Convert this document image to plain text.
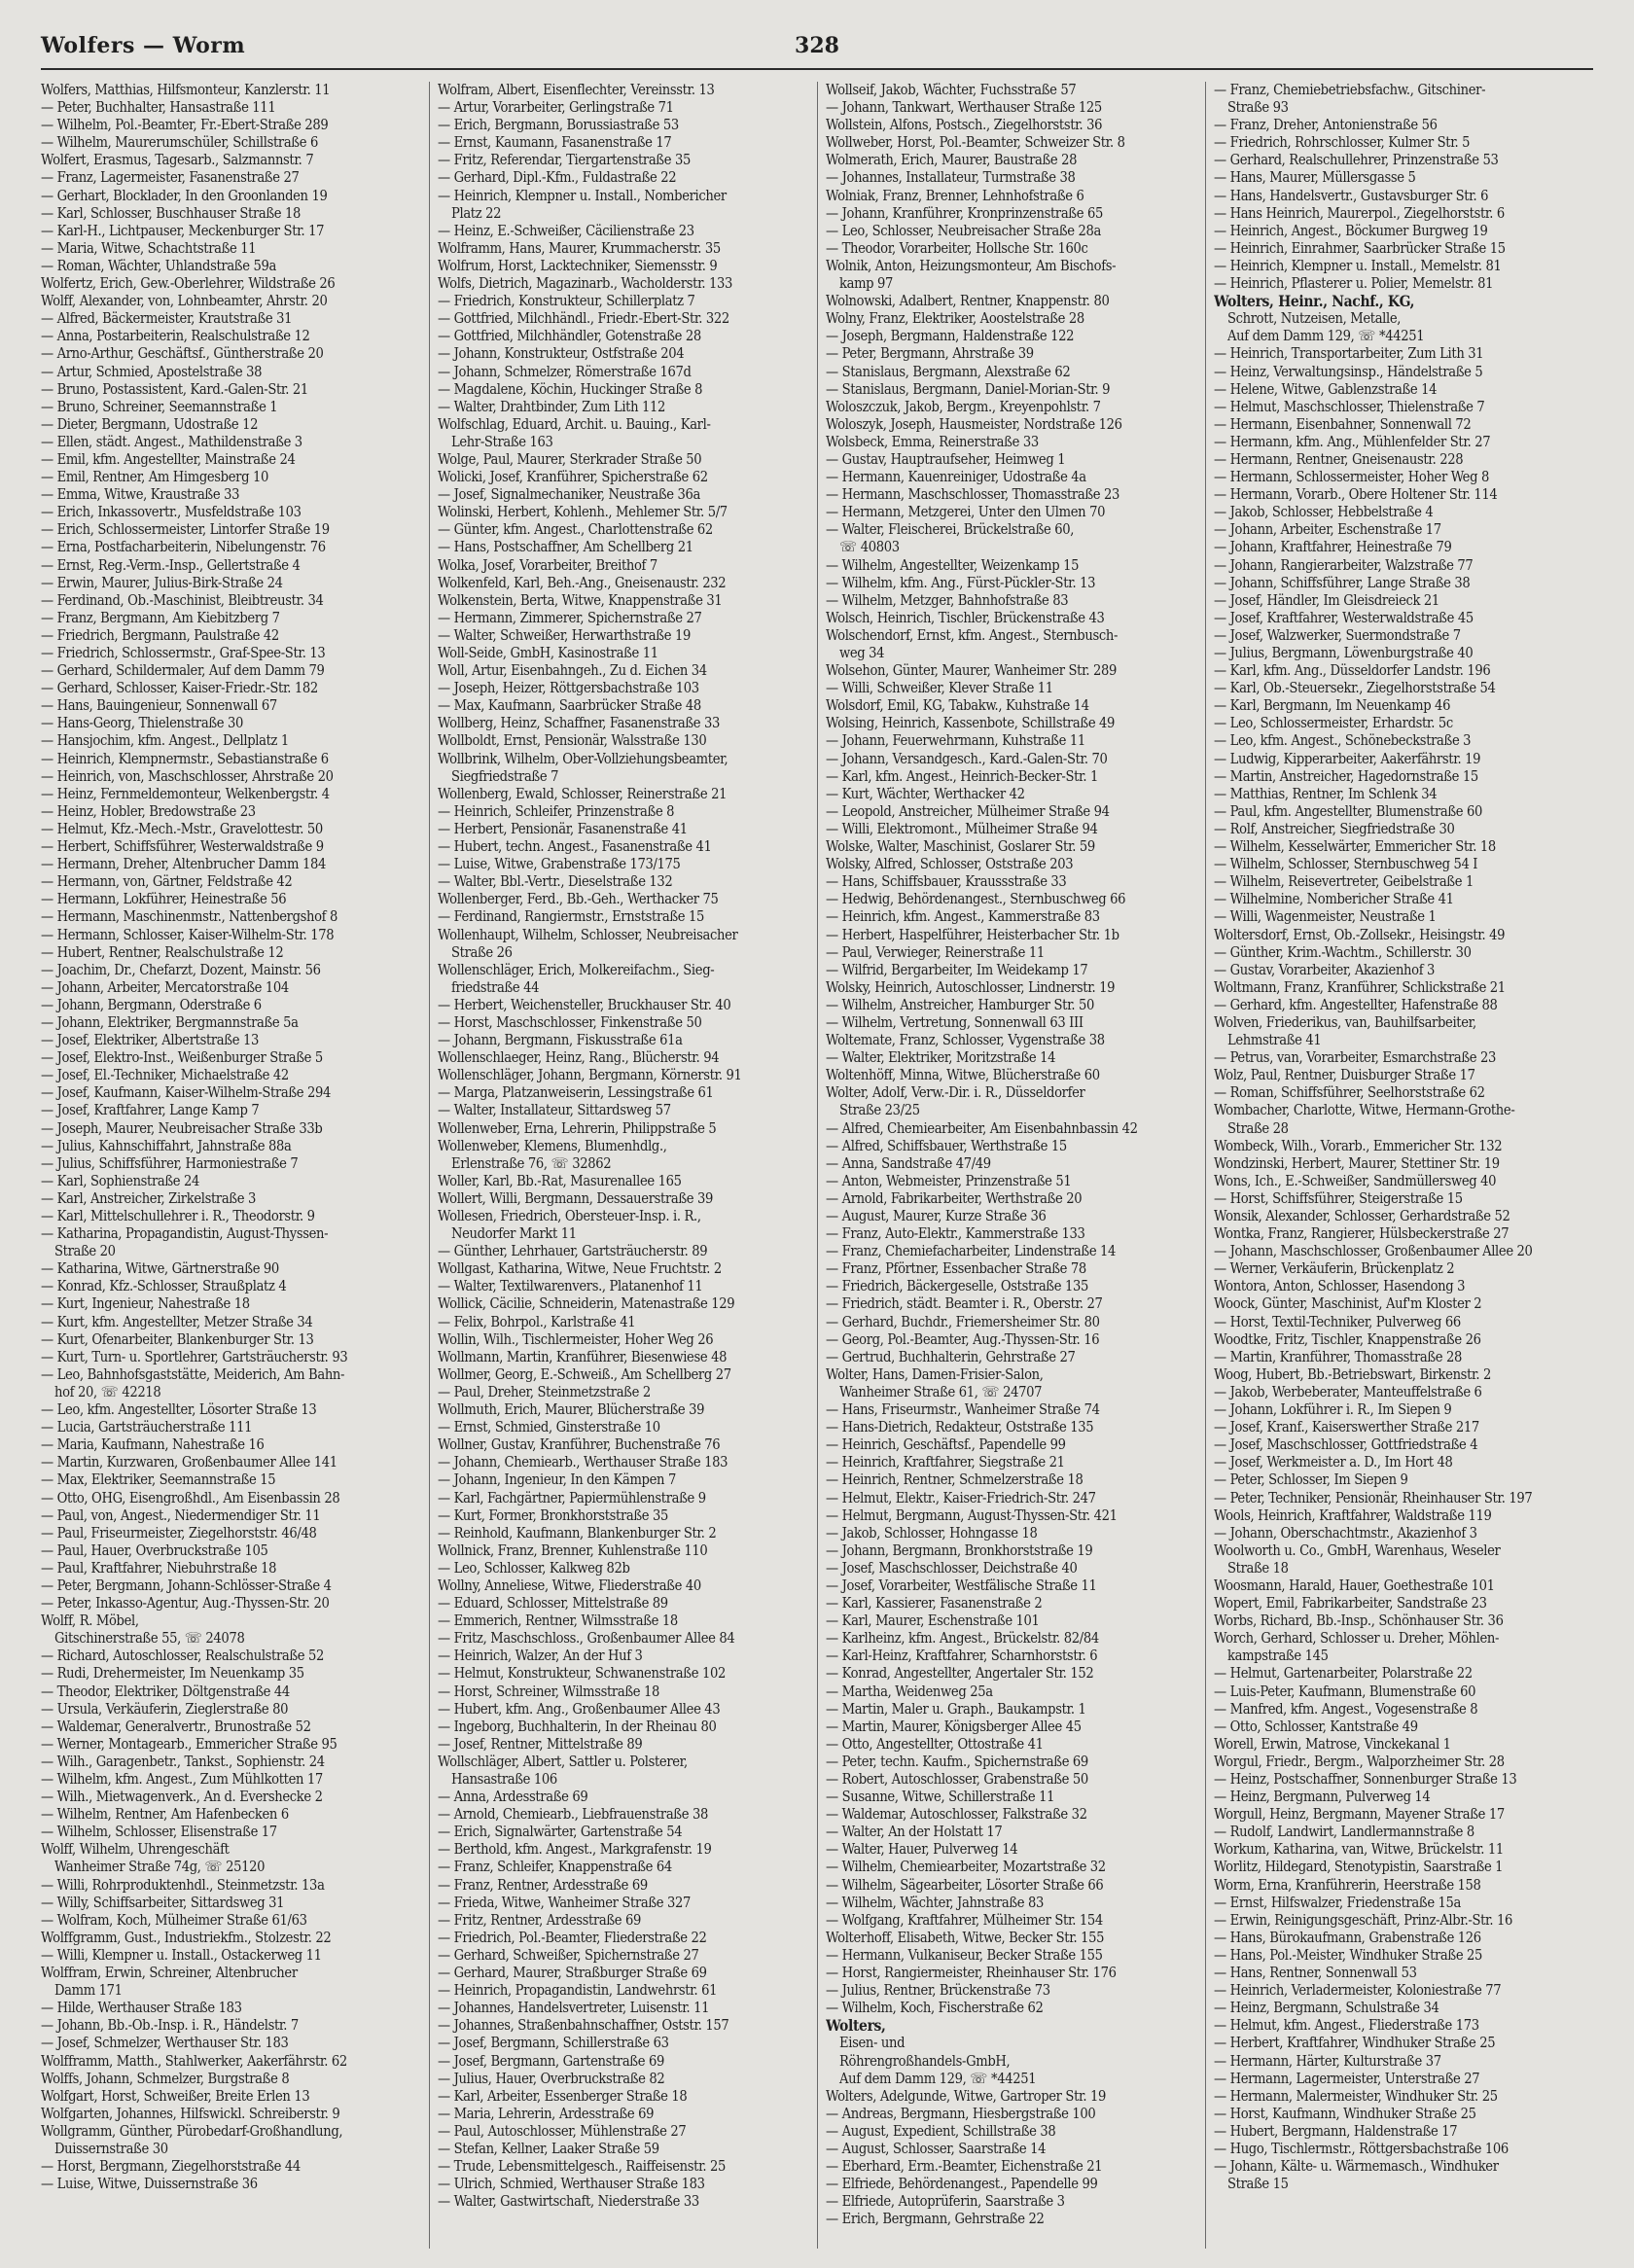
Wolfers — Worm	328
Wolfers, Matthias, Hilfsmonteur, Kanzlerstr. 11
— Peter, Buchhalter, Hansastraße 111
— Wilhelm, Pol.-Beamter, Fr.-Ebert-Straße 289
— Wilhelm, Maurerumschüler, Schillstraße 6
Wolfert, Erasmus, Tagesarb., Salzmannstr. 7
— Franz, Lagermeister, Fasanenstraße 27
— Gerhart, Blocklader, In den Groonlanden 19
— Karl, Schlosser, Buschhauser Straße 18
— Karl-H., Lichtpauser, Meckenburger Str. 17
— Maria, Witwe, Schachtstraße 11
— Roman, Wächter, Uhlandstraße 59a
Wolfertz, Erich, Gew.-Oberlehrer, Wildstraße 26
Wolff, Alexander, von, Lohnbeamter, Ahrstr. 20
— Alfred, Bäckermeister, Krautstraße 31
— Anna, Postarbeiterin, Realschulstraße 12
— Arno-Arthur, Geschäftsf., Güntherstraße 20
— Artur, Schmied, Apostelstraße 38
— Bruno, Postassistent, Kard.-Galen-Str. 21
— Bruno, Schreiner, Seemannstraße 1
— Dieter, Bergmann, Udostraße 12
— Ellen, städt. Angest., Mathildenstraße 3
— Emil, kfm. Angestellter, Mainstraße 24
— Emil, Rentner, Am Himgesberg 10
— Emma, Witwe, Kraustraße 33
— Erich, Inkassovertr., Musfeldstraße 103
— Erich, Schlossermeister, Lintorfer Straße 19
— Erna, Postfacharbeiterin, Nibelungenstr. 76
— Ernst, Reg.-Verm.-Insp., Gellertstraße 4
— Erwin, Maurer, Julius-Birk-Straße 24
— Ferdinand, Ob.-Maschinist, Bleibtreustr. 34
— Franz, Bergmann, Am Kiebitzberg 7
— Friedrich, Bergmann, Paulstraße 42
— Friedrich, Schlossermstr., Graf-Spee-Str. 13
— Gerhard, Schildermaler, Auf dem Damm 79
— Gerhard, Schlosser, Kaiser-Friedr.-Str. 182
— Hans, Bauingenieur, Sonnenwall 67
— Hans-Georg, Thielenstraße 30
— Hansjochim, kfm. Angest., Dellplatz 1
— Heinrich, Klempnermstr., Sebastianstraße 6
— Heinrich, von, Maschschlosser, Ahrstraße 20
— Heinz, Fernmeldemonteur, Welkenbergstr. 4
— Heinz, Hobler, Bredowstraße 23
— Helmut, Kfz.-Mech.-Mstr., Gravelottestr. 50
— Herbert, Schiffsführer, Westerwaldstraße 9
— Hermann, Dreher, Altenbrucher Damm 184
— Hermann, von, Gärtner, Feldstraße 42
— Hermann, Lokführer, Heinestraße 56
— Hermann, Maschinenmstr., Nattenbergshof 8
— Hermann, Schlosser, Kaiser-Wilhelm-Str. 178
— Hubert, Rentner, Realschulstraße 12
— Joachim, Dr., Chefarzt, Dozent, Mainstr. 56
— Johann, Arbeiter, Mercatorstraße 104
— Johann, Bergmann, Oderstraße 6
— Johann, Elektriker, Bergmannstraße 5a
— Josef, Elektriker, Albertstraße 13
— Josef, Elektro-Inst., Weißenburger Straße 5
— Josef, El.-Techniker, Michaelstraße 42
— Josef, Kaufmann, Kaiser-Wilhelm-Straße 294
— Josef, Kraftfahrer, Lange Kamp 7
— Joseph, Maurer, Neubreisacher Straße 33b
— Julius, Kahnschiffahrt, Jahnstraße 88a
— Julius, Schiffsführer, Harmoniestraße 7
— Karl, Sophienstraße 24
— Karl, Anstreicher, Zirkelstraße 3
— Karl, Mittelschullehrer i. R., Theodorstr. 9
— Katharina, Propagandistin, August-Thyssen-
Straße 20
— Katharina, Witwe, Gärtnerstraße 90
— Konrad, Kfz.-Schlosser, Straußplatz 4
— Kurt, Ingenieur, Nahestraße 18
— Kurt, kfm. Angestellter, Metzer Straße 34
— Kurt, Ofenarbeiter, Blankenburger Str. 13
— Kurt, Turn- u. Sportlehrer, Gartsträucherstr. 93
— Leo, Bahnhofsgaststätte, Meiderich, Am Bahn-
hof 20, ☏ 42218
— Leo, kfm. Angestellter, Lösorter Straße 13
— Lucia, Gartsträucherstraße 111
— Maria, Kaufmann, Nahestraße 16
— Martin, Kurzwaren, Großenbaumer Allee 141
— Max, Elektriker, Seemannstraße 15
— Otto, OHG, Eisengroßhdl., Am Eisenbassin 28
— Paul, von, Angest., Niedermendiger Str. 11
— Paul, Friseurmeister, Ziegelhorststr. 46/48
— Paul, Hauer, Overbruckstraße 105
— Paul, Kraftfahrer, Niebuhrstraße 18
— Peter, Bergmann, Johann-Schlösser-Straße 4
— Peter, Inkasso-Agentur, Aug.-Thyssen-Str. 20
Wolff, R. Möbel,
Gitschinerstraße 55, ☏ 24078
— Richard, Autoschlosser, Realschulstraße 52
— Rudi, Drehermeister, Im Neuenkamp 35
— Theodor, Elektriker, Döltgenstraße 44
— Ursula, Verkäuferin, Zieglerstraße 80
— Waldemar, Generalvertr., Brunostraße 52
— Werner, Montagearb., Emmericher Straße 95
— Wilh., Garagenbetr., Tankst., Sophienstr. 24
— Wilhelm, kfm. Angest., Zum Mühlkotten 17
— Wilh., Mietwagenverk., An d. Evershecke 2
— Wilhelm, Rentner, Am Hafenbecken 6
— Wilhelm, Schlosser, Elisenstraße 17
Wolff, Wilhelm, Uhrengeschäft
Wanheimer Straße 74g, ☏ 25120
— Willi, Rohrproduktenhdl., Steinmetzstr. 13a
— Willy, Schiffsarbeiter, Sittardsweg 31
— Wolfram, Koch, Mülheimer Straße 61/63
Wolffgramm, Gust., Industriekfm., Stolzestr. 22
— Willi, Klempner u. Install., Ostackerweg 11
Wolffram, Erwin, Schreiner, Altenbrucher
Damm 171
— Hilde, Werthauser Straße 183
— Johann, Bb.-Ob.-Insp. i. R., Händelstr. 7
— Josef, Schmelzer, Werthauser Str. 183
Wolfframm, Matth., Stahlwerker, Aakerfährstr. 62
Wolffs, Johann, Schmelzer, Burgstraße 8
Wolfgart, Horst, Schweißer, Breite Erlen 13
Wolfgarten, Johannes, Hilfswickl. Schreiberstr. 9
Wollgramm, Günther, Pürobedarf-Großhandlung,
Duissernstraße 30
— Horst, Bergmann, Ziegelhorststraße 44
— Luise, Witwe, Duissernstraße 36
Wolfram, Albert, Eisenflechter, Vereinsstr. 13
— Artur, Vorarbeiter, Gerlingstraße 71
— Erich, Bergmann, Borussiastraße 53
— Ernst, Kaumann, Fasanenstraße 17
— Fritz, Referendar, Tiergartenstraße 35
— Gerhard, Dipl.-Kfm., Fuldastraße 22
— Heinrich, Klempner u. Install., Nombericher
Platz 22
— Heinz, E.-Schweißer, Cäcilienstraße 23
Wolframm, Hans, Maurer, Krummacherstr. 35
Wolfrum, Horst, Lacktechniker, Siemensstr. 9
Wolfs, Dietrich, Magazinarb., Wacholderstr. 133
— Friedrich, Konstrukteur, Schillerplatz 7
— Gottfried, Milchhändl., Friedr.-Ebert-Str. 322
— Gottfried, Milchhändler, Gotenstraße 28
— Johann, Konstrukteur, Ostfstraße 204
— Johann, Schmelzer, Römerstraße 167d
— Magdalene, Köchin, Huckinger Straße 8
— Walter, Drahtbinder, Zum Lith 112
Wolfschlag, Eduard, Archit. u. Bauing., Karl-
Lehr-Straße 163
Wolge, Paul, Maurer, Sterkrader Straße 50
Wolicki, Josef, Kranführer, Spicherstraße 62
— Josef, Signalmechaniker, Neustraße 36a
Wolinski, Herbert, Kohlenh., Mehlemer Str. 5/7
— Günter, kfm. Angest., Charlottenstraße 62
— Hans, Postschaffner, Am Schellberg 21
Wolka, Josef, Vorarbeiter, Breithof 7
Wolkenfeld, Karl, Beh.-Ang., Gneisenaustr. 232
Wolkenstein, Berta, Witwe, Knappenstraße 31
— Hermann, Zimmerer, Spichernstraße 27
— Walter, Schweißer, Herwarthstraße 19
Woll-Seide, GmbH, Kasinostraße 11
Woll, Artur, Eisenbahngeh., Zu d. Eichen 34
— Joseph, Heizer, Röttgersbachstraße 103
— Max, Kaufmann, Saarbrücker Straße 48
Wollberg, Heinz, Schaffner, Fasanenstraße 33
Wollboldt, Ernst, Pensionär, Walsstraße 130
Wollbrink, Wilhelm, Ober-Vollziehungsbeamter,
Siegfriedstraße 7
Wollenberg, Ewald, Schlosser, Reinerstraße 21
— Heinrich, Schleifer, Prinzenstraße 8
— Herbert, Pensionär, Fasanenstraße 41
— Hubert, techn. Angest., Fasanenstraße 41
— Luise, Witwe, Grabenstraße 173/175
— Walter, Bbl.-Vertr., Dieselstraße 132
Wollenberger, Ferd., Bb.-Geh., Werthacker 75
— Ferdinand, Rangiermstr., Ernststraße 15
Wollenhaupt, Wilhelm, Schlosser, Neubreisacher
Straße 26
Wollenschläger, Erich, Molkereifachm., Sieg-
friedstraße 44
— Herbert, Weichensteller, Bruckhauser Str. 40
— Horst, Maschschlosser, Finkenstraße 50
— Johann, Bergmann, Fiskusstraße 61a
Wollenschlaeger, Heinz, Rang., Blücherstr. 94
Wollenschläger, Johann, Bergmann, Körnerstr. 91
— Marga, Platzanweiserin, Lessingstraße 61
— Walter, Installateur, Sittardsweg 57
Wollenweber, Erna, Lehrerin, Philippstraße 5
Wollenweber, Klemens, Blumenhdlg.,
Erlenstraße 76, ☏ 32862
Woller, Karl, Bb.-Rat, Masurenallee 165
Wollert, Willi, Bergmann, Dessauerstraße 39
Wollesen, Friedrich, Obersteuer-Insp. i. R.,
Neudorfer Markt 11
— Günther, Lehrhauer, Gartsträucherstr. 89
Wollgast, Katharina, Witwe, Neue Fruchtstr. 2
— Walter, Textilwarenvers., Platanenhof 11
Wollick, Cäcilie, Schneiderin, Matenastraße 129
— Felix, Bohrpol., Karlstraße 41
Wollin, Wilh., Tischlermeister, Hoher Weg 26
Wollmann, Martin, Kranführer, Biesenwiese 48
Wollmer, Georg, E.-Schweiß., Am Schellberg 27
— Paul, Dreher, Steinmetzstraße 2
Wollmuth, Erich, Maurer, Blücherstraße 39
— Ernst, Schmied, Ginsterstraße 10
Wollner, Gustav, Kranführer, Buchenstraße 76
— Johann, Chemiearb., Werthauser Straße 183
— Johann, Ingenieur, In den Kämpen 7
— Karl, Fachgärtner, Papiermühlenstraße 9
— Kurt, Former, Bronkhorststraße 35
— Reinhold, Kaufmann, Blankenburger Str. 2
Wollnick, Franz, Brenner, Kuhlenstraße 110
— Leo, Schlosser, Kalkweg 82b
Wollny, Anneliese, Witwe, Fliederstraße 40
— Eduard, Schlosser, Mittelstraße 89
— Emmerich, Rentner, Wilmsstraße 18
— Fritz, Maschschloss., Großenbaumer Allee 84
— Heinrich, Walzer, An der Huf 3
— Helmut, Konstrukteur, Schwanenstraße 102
— Horst, Schreiner, Wilmsstraße 18
— Hubert, kfm. Ang., Großenbaumer Allee 43
— Ingeborg, Buchhalterin, In der Rheinau 80
— Josef, Rentner, Mittelstraße 89
Wollschläger, Albert, Sattler u. Polsterer,
Hansastraße 106
— Anna, Ardesstraße 69
— Arnold, Chemiearb., Liebfrauenstraße 38
— Erich, Signalwärter, Gartenstraße 54
— Berthold, kfm. Angest., Markgrafenstr. 19
— Franz, Schleifer, Knappenstraße 64
— Franz, Rentner, Ardesstraße 69
— Frieda, Witwe, Wanheimer Straße 327
— Fritz, Rentner, Ardesstraße 69
— Friedrich, Pol.-Beamter, Fliederstraße 22
— Gerhard, Schweißer, Spichernstraße 27
— Gerhard, Maurer, Straßburger Straße 69
— Heinrich, Propagandistin, Landwehrstr. 61
— Johannes, Handelsvertreter, Luisenstr. 11
— Johannes, Straßenbahnschaffner, Oststr. 157
— Josef, Bergmann, Schillerstraße 63
— Josef, Bergmann, Gartenstraße 69
— Julius, Hauer, Overbruckstraße 82
— Karl, Arbeiter, Essenberger Straße 18
— Maria, Lehrerin, Ardesstraße 69
— Paul, Autoschlosser, Mühlenstraße 27
— Stefan, Kellner, Laaker Straße 59
— Trude, Lebensmittelgesch., Raiffeisenstr. 25
— Ulrich, Schmied, Werthauser Straße 183
— Walter, Gastwirtschaft, Niederstraße 33
Wollseif, Jakob, Wächter, Fuchsstraße 57
— Johann, Tankwart, Werthauser Straße 125
Wollstein, Alfons, Postsch., Ziegelhorststr. 36
Wollweber, Horst, Pol.-Beamter, Schweizer Str. 8
Wolmerath, Erich, Maurer, Baustraße 28
— Johannes, Installateur, Turmstraße 38
Wolniak, Franz, Brenner, Lehnhofstraße 6
— Johann, Kranführer, Kronprinzenstraße 65
— Leo, Schlosser, Neubreisacher Straße 28a
— Theodor, Vorarbeiter, Hollsche Str. 160c
Wolnik, Anton, Heizungsmonteur, Am Bischofs-
kamp 97
Wolnowski, Adalbert, Rentner, Knappenstr. 80
Wolny, Franz, Elektriker, Aoostelstraße 28
— Joseph, Bergmann, Haldenstraße 122
— Peter, Bergmann, Ahrstraße 39
— Stanislaus, Bergmann, Alexstraße 62
— Stanislaus, Bergmann, Daniel-Morian-Str. 9
Woloszczuk, Jakob, Bergm., Kreyenpohlstr. 7
Woloszyk, Joseph, Hausmeister, Nordstraße 126
Wolsbeck, Emma, Reinerstraße 33
— Gustav, Hauptraufseher, Heimweg 1
— Hermann, Kauenreiniger, Udostraße 4a
— Hermann, Maschschlosser, Thomasstraße 23
— Hermann, Metzgerei, Unter den Ulmen 70
— Walter, Fleischerei, Brückelstraße 60,
☏ 40803
— Wilhelm, Angestellter, Weizenkamp 15
— Wilhelm, kfm. Ang., Fürst-Pückler-Str. 13
— Wilhelm, Metzger, Bahnhofstraße 83
Wolsch, Heinrich, Tischler, Brückenstraße 43
Wolschendorf, Ernst, kfm. Angest., Sternbusch-
weg 34
Wolsehon, Günter, Maurer, Wanheimer Str. 289
— Willi, Schweißer, Klever Straße 11
Wolsdorf, Emil, KG, Tabakw., Kuhstraße 14
Wolsing, Heinrich, Kassenbote, Schillstraße 49
— Johann, Feuerwehrmann, Kuhstraße 11
— Johann, Versandgesch., Kard.-Galen-Str. 70
— Karl, kfm. Angest., Heinrich-Becker-Str. 1
— Kurt, Wächter, Werthacker 42
— Leopold, Anstreicher, Mülheimer Straße 94
— Willi, Elektromont., Mülheimer Straße 94
Wolske, Walter, Maschinist, Goslarer Str. 59
Wolsky, Alfred, Schlosser, Oststraße 203
— Hans, Schiffsbauer, Kraussstraße 33
— Hedwig, Behördenangest., Sternbuschweg 66
— Heinrich, kfm. Angest., Kammerstraße 83
— Herbert, Haspelführer, Heisterbacher Str. 1b
— Paul, Verwieger, Reinerstraße 11
— Wilfrid, Bergarbeiter, Im Weidekamp 17
Wolsky, Heinrich, Autoschlosser, Lindnerstr. 19
— Wilhelm, Anstreicher, Hamburger Str. 50
— Wilhelm, Vertretung, Sonnenwall 63 III
Woltemate, Franz, Schlosser, Vygenstraße 38
— Walter, Elektriker, Moritzstraße 14
Woltenhöff, Minna, Witwe, Blücherstraße 60
Wolter, Adolf, Verw.-Dir. i. R., Düsseldorfer
Straße 23/25
— Alfred, Chemiearbeiter, Am Eisenbahnbassin 42
— Alfred, Schiffsbauer, Werthstraße 15
— Anna, Sandstraße 47/49
— Anton, Webmeister, Prinzenstraße 51
— Arnold, Fabrikarbeiter, Werthstraße 20
— August, Maurer, Kurze Straße 36
— Franz, Auto-Elektr., Kammerstraße 133
— Franz, Chemiefacharbeiter, Lindenstraße 14
— Franz, Pförtner, Essenbacher Straße 78
— Friedrich, Bäckergeselle, Oststraße 135
— Friedrich, städt. Beamter i. R., Oberstr. 27
— Gerhard, Buchdr., Friemersheimer Str. 80
— Georg, Pol.-Beamter, Aug.-Thyssen-Str. 16
— Gertrud, Buchhalterin, Gehrstraße 27
Wolter, Hans, Damen-Frisier-Salon,
Wanheimer Straße 61, ☏ 24707
— Hans, Friseurmstr., Wanheimer Straße 74
— Hans-Dietrich, Redakteur, Oststraße 135
— Heinrich, Geschäftsf., Papendelle 99
— Heinrich, Kraftfahrer, Siegstraße 21
— Heinrich, Rentner, Schmelzerstraße 18
— Helmut, Elektr., Kaiser-Friedrich-Str. 247
— Helmut, Bergmann, August-Thyssen-Str. 421
— Jakob, Schlosser, Hohngasse 18
— Johann, Bergmann, Bronkhorststraße 19
— Josef, Maschschlosser, Deichstraße 40
— Josef, Vorarbeiter, Westfälische Straße 11
— Karl, Kassierer, Fasanenstraße 2
— Karl, Maurer, Eschenstraße 101
— Karlheinz, kfm. Angest., Brückelstr. 82/84
— Karl-Heinz, Kraftfahrer, Scharnhorststr. 6
— Konrad, Angestellter, Angertaler Str. 152
— Martha, Weidenweg 25a
— Martin, Maler u. Graph., Baukampstr. 1
— Martin, Maurer, Königsberger Allee 45
— Otto, Angestellter, Ottostraße 41
— Peter, techn. Kaufm., Spichernstraße 69
— Robert, Autoschlosser, Grabenstraße 50
— Susanne, Witwe, Schillerstraße 11
— Waldemar, Autoschlosser, Falkstraße 32
— Walter, An der Holstatt 17
— Walter, Hauer, Pulverweg 14
— Wilhelm, Chemiearbeiter, Mozartstraße 32
— Wilhelm, Sägearbeiter, Lösorter Straße 66
— Wilhelm, Wächter, Jahnstraße 83
— Wolfgang, Kraftfahrer, Mülheimer Str. 154
Wolterhoff, Elisabeth, Witwe, Becker Str. 155
— Hermann, Vulkaniseur, Becker Straße 155
— Horst, Rangiermeister, Rheinhauser Str. 176
— Julius, Rentner, Brückenstraße 73
— Wilhelm, Koch, Fischerstraße 62
Wolters,
Eisen- und
Röhrengroßhandels-GmbH,
Auf dem Damm 129, ☏ *44251
Wolters, Adelgunde, Witwe, Gartroper Str. 19
— Andreas, Bergmann, Hiesbergstraße 100
— August, Expedient, Schillstraße 38
— August, Schlosser, Saarstraße 14
— Eberhard, Erm.-Beamter, Eichenstraße 21
— Elfriede, Behördenangest., Papendelle 99
— Elfriede, Autoprüferin, Saarstraße 3
— Erich, Bergmann, Gehrstraße 22
— Franz, Chemiebetriebsfachw., Gitschiner-
Straße 93
— Franz, Dreher, Antonienstraße 56
— Friedrich, Rohrschlosser, Kulmer Str. 5
— Gerhard, Realschullehrer, Prinzenstraße 53
— Hans, Maurer, Müllersgasse 5
— Hans, Handelsvertr., Gustavsburger Str. 6
— Hans Heinrich, Maurerpol., Ziegelhorststr. 6
— Heinrich, Angest., Böckumer Burgweg 19
— Heinrich, Einrahmer, Saarbrücker Straße 15
— Heinrich, Klempner u. Install., Memelstr. 81
— Heinrich, Pflasterer u. Polier, Memelstr. 81
Wolters, Heinr., Nachf., KG,
Schrott, Nutzeisen, Metalle,
Auf dem Damm 129, ☏ *44251
— Heinrich, Transportarbeiter, Zum Lith 31
— Heinz, Verwaltungsinsp., Händelstraße 5
— Helene, Witwe, Gablenzstraße 14
— Helmut, Maschschlosser, Thielenstraße 7
— Hermann, Eisenbahner, Sonnenwall 72
— Hermann, kfm. Ang., Mühlenfelder Str. 27
— Hermann, Rentner, Gneisenaustr. 228
— Hermann, Schlossermeister, Hoher Weg 8
— Hermann, Vorarb., Obere Holtener Str. 114
— Jakob, Schlosser, Hebbelstraße 4
— Johann, Arbeiter, Eschenstraße 17
— Johann, Kraftfahrer, Heinestraße 79
— Johann, Rangierarbeiter, Walzstraße 77
— Johann, Schiffsführer, Lange Straße 38
— Josef, Händler, Im Gleisdreieck 21
— Josef, Kraftfahrer, Westerwaldstraße 45
— Josef, Walzwerker, Suermondstraße 7
— Julius, Bergmann, Löwenburgstraße 40
— Karl, kfm. Ang., Düsseldorfer Landstr. 196
— Karl, Ob.-Steuersekr., Ziegelhorststraße 54
— Karl, Bergmann, Im Neuenkamp 46
— Leo, Schlossermeister, Erhardstr. 5c
— Leo, kfm. Angest., Schönebeckstraße 3
— Ludwig, Kipperarbeiter, Aakerfährstr. 19
— Martin, Anstreicher, Hagedornstraße 15
— Matthias, Rentner, Im Schlenk 34
— Paul, kfm. Angestellter, Blumenstraße 60
— Rolf, Anstreicher, Siegfriedstraße 30
— Wilhelm, Kesselwärter, Emmericher Str. 18
— Wilhelm, Schlosser, Sternbuschweg 54 I
— Wilhelm, Reisevertreter, Geibelstraße 1
— Wilhelmine, Nombericher Straße 41
— Willi, Wagenmeister, Neustraße 1
Woltersdorf, Ernst, Ob.-Zollsekr., Heisingstr. 49
— Günther, Krim.-Wachtm., Schillerstr. 30
— Gustav, Vorarbeiter, Akazienhof 3
Woltmann, Franz, Kranführer, Schlickstraße 21
— Gerhard, kfm. Angestellter, Hafenstraße 88
Wolven, Friederikus, van, Bauhilfsarbeiter,
Lehmstraße 41
— Petrus, van, Vorarbeiter, Esmarchstraße 23
Wolz, Paul, Rentner, Duisburger Straße 17
— Roman, Schiffsführer, Seelhorststraße 62
Wombacher, Charlotte, Witwe, Hermann-Grothe-
Straße 28
Wombeck, Wilh., Vorarb., Emmericher Str. 132
Wondzinski, Herbert, Maurer, Stettiner Str. 19
Wons, Ich., E.-Schweißer, Sandmüllersweg 40
— Horst, Schiffsführer, Steigerstraße 15
Wonsik, Alexander, Schlosser, Gerhardstraße 52
Wontka, Franz, Rangierer, Hülsbeckerstraße 27
— Johann, Maschschlosser, Großenbaumer Allee 20
— Werner, Verkäuferin, Brückenplatz 2
Wontora, Anton, Schlosser, Hasendong 3
Woock, Günter, Maschinist, Auf'm Kloster 2
— Horst, Textil-Techniker, Pulverweg 66
Woodtke, Fritz, Tischler, Knappenstraße 26
— Martin, Kranführer, Thomasstraße 28
Woog, Hubert, Bb.-Betriebswart, Birkenstr. 2
— Jakob, Werbeberater, Manteuffelstraße 6
— Johann, Lokführer i. R., Im Siepen 9
— Josef, Kranf., Kaiserswerther Straße 217
— Josef, Maschschlosser, Gottfriedstraße 4
— Josef, Werkmeister a. D., Im Hort 48
— Peter, Schlosser, Im Siepen 9
— Peter, Techniker, Pensionär, Rheinhauser Str. 197
Wools, Heinrich, Kraftfahrer, Waldstraße 119
— Johann, Oberschachtmstr., Akazienhof 3
Woolworth u. Co., GmbH, Warenhaus, Weseler
Straße 18
Woosmann, Harald, Hauer, Goethestraße 101
Wopert, Emil, Fabrikarbeiter, Sandstraße 23
Worbs, Richard, Bb.-Insp., Schönhauser Str. 36
Worch, Gerhard, Schlosser u. Dreher, Möhlen-
kampstraße 145
— Helmut, Gartenarbeiter, Polarstraße 22
— Luis-Peter, Kaufmann, Blumenstraße 60
— Manfred, kfm. Angest., Vogesenstraße 8
— Otto, Schlosser, Kantstraße 49
Worell, Erwin, Matrose, Vinckekanal 1
Worgul, Friedr., Bergm., Walporzheimer Str. 28
— Heinz, Postschaffner, Sonnenburger Straße 13
— Heinz, Bergmann, Pulverweg 14
Worgull, Heinz, Bergmann, Mayener Straße 17
— Rudolf, Landwirt, Landlermannstraße 8
Workum, Katharina, van, Witwe, Brückelstr. 11
Worlitz, Hildegard, Stenotypistin, Saarstraße 1
Worm, Erna, Kranführerin, Heerstraße 158
— Ernst, Hilfswalzer, Friedenstraße 15a
— Erwin, Reinigungsgeschäft, Prinz-Albr.-Str. 16
— Hans, Bürokaufmann, Grabenstraße 126
— Hans, Pol.-Meister, Windhuker Straße 25
— Hans, Rentner, Sonnenwall 53
— Heinrich, Verladermeister, Koloniestraße 77
— Heinz, Bergmann, Schulstraße 34
— Helmut, kfm. Angest., Fliederstraße 173
— Herbert, Kraftfahrer, Windhuker Straße 25
— Hermann, Härter, Kulturstraße 37
— Hermann, Lagermeister, Unterstraße 27
— Hermann, Malermeister, Windhuker Str. 25
— Horst, Kaufmann, Windhuker Straße 25
— Hubert, Bergmann, Haldenstraße 17
— Hugo, Tischlermstr., Röttgersbachstraße 106
— Johann, Kälte- u. Wärmemasch., Windhuker
Straße 15
